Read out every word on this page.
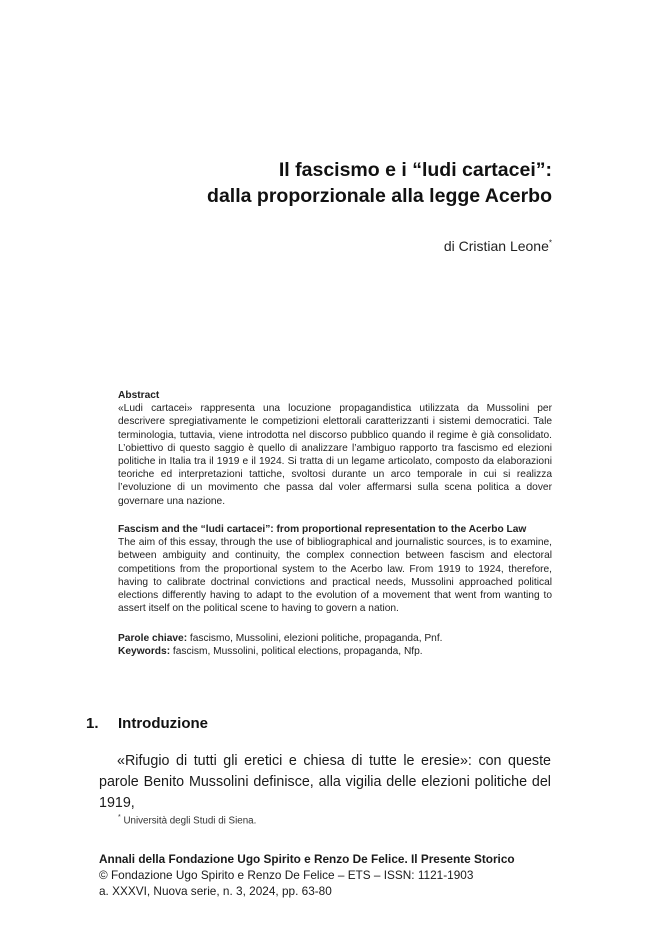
Il fascismo e i “ludi cartacei”:
dalla proporzionale alla legge Acerbo
di Cristian Leone*
Abstract
«Ludi cartacei» rappresenta una locuzione propagandistica utilizzata da Mussolini per descrivere spregiativamente le competizioni elettorali caratterizzanti i sistemi democratici. Tale terminologia, tuttavia, viene introdotta nel discorso pubblico quando il regime è già consolidato. L’obiettivo di questo saggio è quello di analizzare l’ambiguo rapporto tra fascismo ed elezioni politiche in Italia tra il 1919 e il 1924. Si tratta di un legame articolato, composto da elaborazioni teoriche ed interpretazioni tattiche, svoltosi durante un arco temporale in cui si realizza l’evoluzione di un movimento che passa dal voler affermarsi sulla scena politica a dover governare una nazione.
Fascism and the “ludi cartacei”: from proportional representation to the Acerbo Law
The aim of this essay, through the use of bibliographical and journalistic sources, is to examine, between ambiguity and continuity, the complex connection between fascism and electoral competitions from the proportional system to the Acerbo law. From 1919 to 1924, therefore, having to calibrate doctrinal convictions and practical needs, Mussolini approached political elections differently having to adapt to the evolution of a movement that went from wanting to assert itself on the political scene to having to govern a nation.
Parole chiave: fascismo, Mussolini, elezioni politiche, propaganda, Pnf.
Keywords: fascism, Mussolini, political elections, propaganda, Nfp.
1. Introduzione
«Rifugio di tutti gli eretici e chiesa di tutte le eresie»: con queste parole Benito Mussolini definisce, alla vigilia delle elezioni politiche del 1919,
* Università degli Studi di Siena.
Annali della Fondazione Ugo Spirito e Renzo De Felice. Il Presente Storico
© Fondazione Ugo Spirito e Renzo De Felice – ETS – ISSN: 1121-1903
a. XXXVI, Nuova serie, n. 3, 2024, pp. 63-80
